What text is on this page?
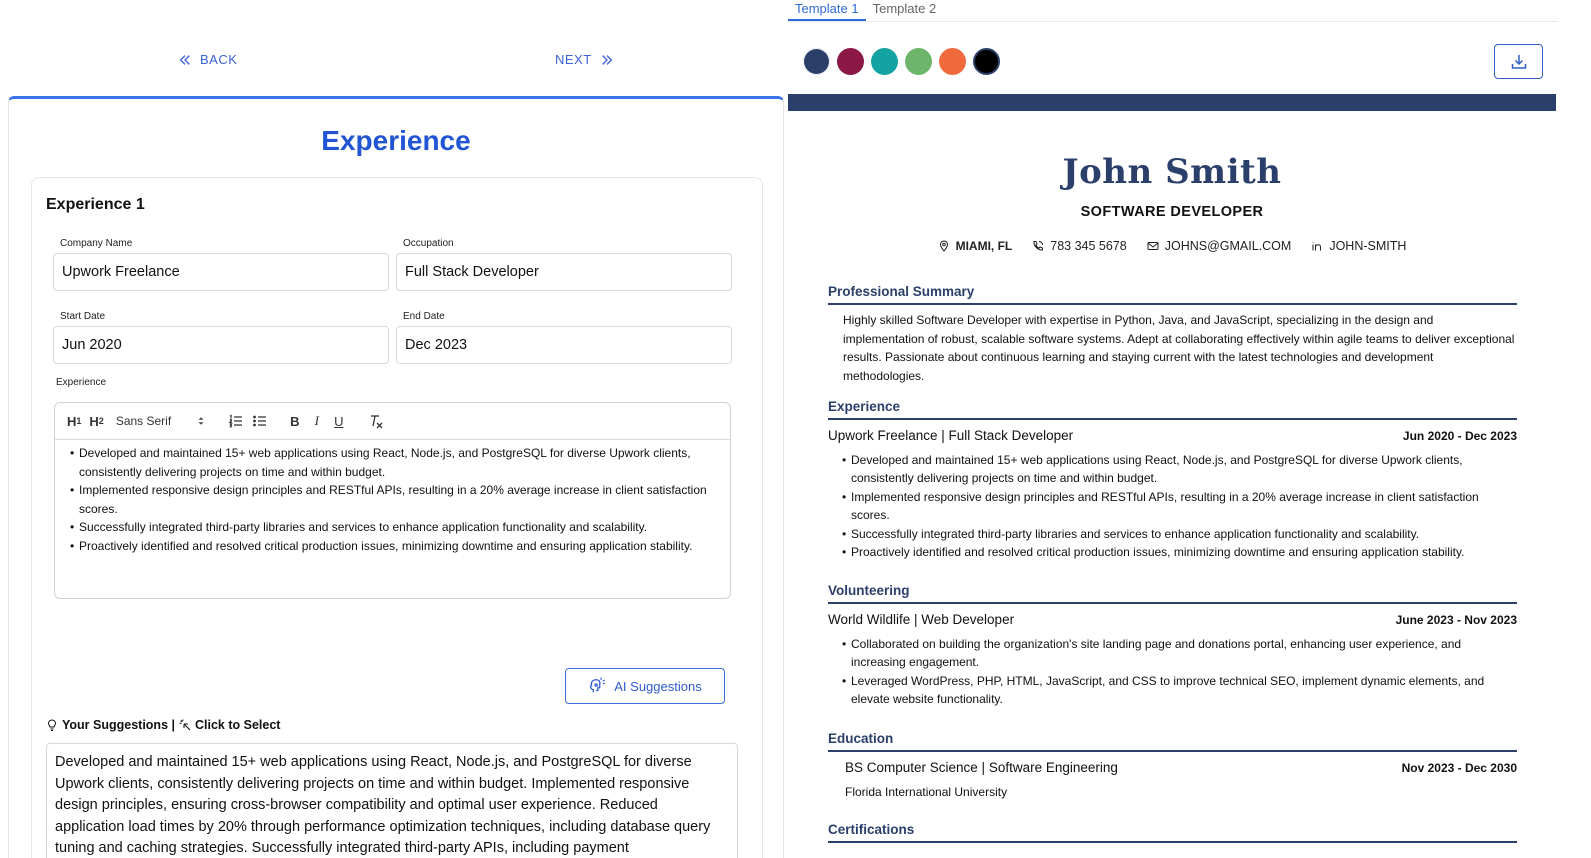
BACK	NEXT
Experience
Experience 1
Company Name
Upwork Freelance
Occupation
Full Stack Developer
Start Date
Jun 2020
End Date
Dec 2023
Experience
H 1 H 2 Sans Serif	B	I	U
• Developed and maintained 15+ web applications using React, Node.js, and PostgreSQL for diverse Upwork clients, consistently delivering projects on time and within budget.
• Implemented responsive design principles and RESTful APIs, resulting in a 20% average increase in client satisfaction scores.
• Successfully integrated third-party libraries and services to enhance application functionality and scalability.
• Proactively identified and resolved critical production issues, minimizing downtime and ensuring application stability.
AI Suggestions
Your Suggestions | Click to Select
Developed and maintained 15+ web applications using React, Node.js, and PostgreSQL for diverse Upwork clients, consistently delivering projects on time and within budget. Implemented responsive design principles, ensuring cross-browser compatibility and optimal user experience. Reduced application load times by 20% through performance optimization techniques, including database query tuning and caching strategies. Successfully integrated third-party APIs, including payment
Template 1	Template 2
John Smith
SOFTWARE DEVELOPER
MIAMI, FL	783 345 5678	JOHNS@GMAIL.COM	JOHN-SMITH
Professional Summary
Highly skilled Software Developer with expertise in Python, Java, and JavaScript, specializing in the design and implementation of robust, scalable software systems. Adept at collaborating effectively within agile teams to deliver exceptional results. Passionate about continuous learning and staying current with the latest technologies and development methodologies.
Experience
Upwork Freelance | Full Stack Developer	Jun 2020 - Dec 2023
• Developed and maintained 15+ web applications using React, Node.js, and PostgreSQL for diverse Upwork clients, consistently delivering projects on time and within budget.
• Implemented responsive design principles and RESTful APIs, resulting in a 20% average increase in client satisfaction scores.
• Successfully integrated third-party libraries and services to enhance application functionality and scalability.
• Proactively identified and resolved critical production issues, minimizing downtime and ensuring application stability.
Volunteering
World Wildlife | Web Developer	June 2023 - Nov 2023
• Collaborated on building the organization's site landing page and donations portal, enhancing user experience, and increasing engagement.
• Leveraged WordPress, PHP, HTML, JavaScript, and CSS to improve technical SEO, implement dynamic elements, and elevate website functionality.
Education
BS Computer Science | Software Engineering	Nov 2023 - Dec 2030
Florida International University
Certifications
